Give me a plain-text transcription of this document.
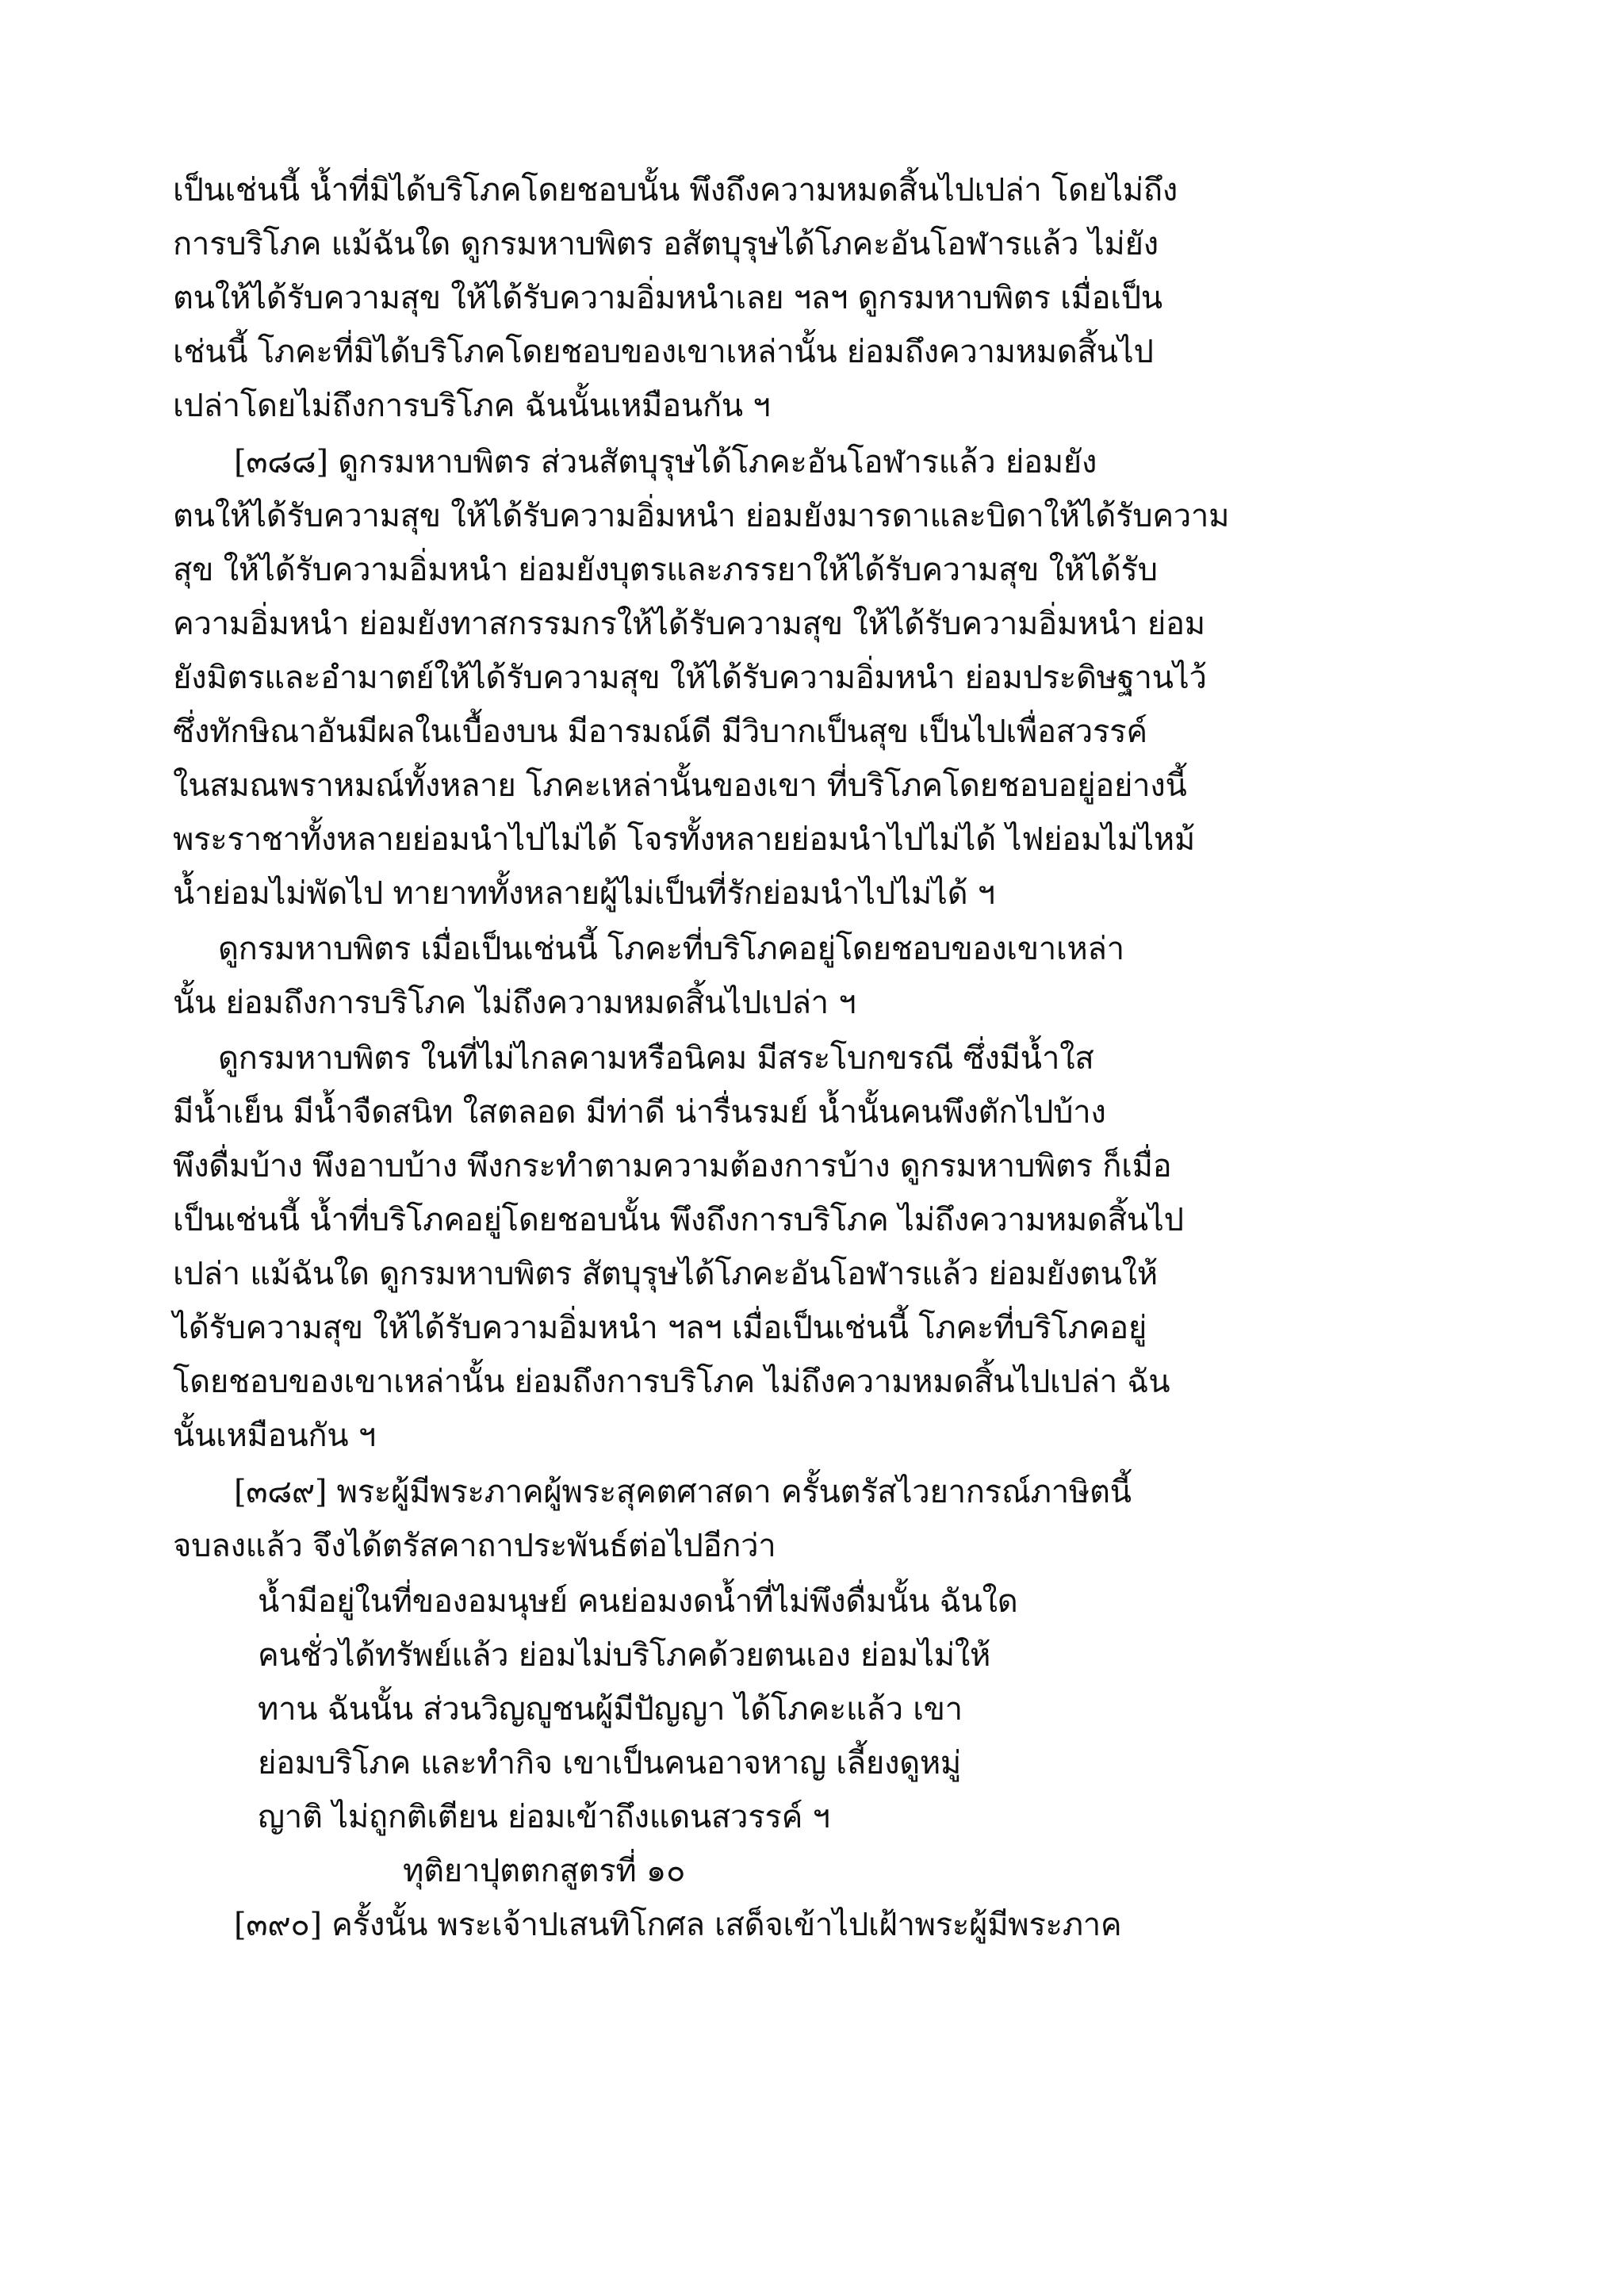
เป็นเช่นนี้ น้ำที่มิได้บริโภคโดยชอบนั้น พึงถึงความหมดสิ้นไปเปล่า โดยไม่ถึง
การบริโภค แม้ฉันใด ดูกรมหาบพิตร อสัตบุรุษได้โภคะอันโอฬารแล้ว ไม่ยัง
ตนให้ได้รับความสุข ให้ได้รับความอิ่มหนำเลย ฯลฯ ดูกรมหาบพิตร เมื่อเป็น
เช่นนี้ โภคะที่มิได้บริโภคโดยชอบของเขาเหล่านั้น ย่อมถึงความหมดสิ้นไป
เปล่าโดยไม่ถึงการบริโภค ฉันนั้นเหมือนกัน ฯ
[๓๘๘] ดูกรมหาบพิตร ส่วนสัตบุรุษได้โภคะอันโอฬารแล้ว ย่อมยัง
ตนให้ได้รับความสุข ให้ได้รับความอิ่มหนำ ย่อมยังมารดาและบิดาให้ได้รับความ
สุข ให้ได้รับความอิ่มหนำ ย่อมยังบุตรและภรรยาให้ได้รับความสุข ให้ได้รับ
ความอิ่มหนำ ย่อมยังทาสกรรมกรให้ได้รับความสุข ให้ได้รับความอิ่มหนำ ย่อม
ยังมิตรและอำมาตย์ให้ได้รับความสุข ให้ได้รับความอิ่มหนำ ย่อมประดิษฐานไว้
ซึ่งทักษิณาอันมีผลในเบื้องบน มีอารมณ์ดี มีวิบากเป็นสุข เป็นไปเพื่อสวรรค์
ในสมณพราหมณ์ทั้งหลาย โภคะเหล่านั้นของเขา ที่บริโภคโดยชอบอยู่อย่างนี้
พระราชาทั้งหลายย่อมนำไปไม่ได้ โจรทั้งหลายย่อมนำไปไม่ได้ ไฟย่อมไม่ไหม้
น้ำย่อมไม่พัดไป ทายาททั้งหลายผู้ไม่เป็นที่รักย่อมนำไปไม่ได้ ฯ
ดูกรมหาบพิตร เมื่อเป็นเช่นนี้ โภคะที่บริโภคอยู่โดยชอบของเขาเหล่า
นั้น ย่อมถึงการบริโภค ไม่ถึงความหมดสิ้นไปเปล่า ฯ
ดูกรมหาบพิตร ในที่ไม่ไกลคามหรือนิคม มีสระโบกขรณี ซึ่งมีน้ำใส
มีน้ำเย็น มีน้ำจืดสนิท ใสตลอด มีท่าดี น่ารื่นรมย์ น้ำนั้นคนพึงตักไปบ้าง
พึงดื่มบ้าง พึงอาบบ้าง พึงกระทำตามความต้องการบ้าง ดูกรมหาบพิตร ก็เมื่อ
เป็นเช่นนี้ น้ำที่บริโภคอยู่โดยชอบนั้น พึงถึงการบริโภค ไม่ถึงความหมดสิ้นไป
เปล่า แม้ฉันใด ดูกรมหาบพิตร สัตบุรุษได้โภคะอันโอฬารแล้ว ย่อมยังตนให้
ได้รับความสุข ให้ได้รับความอิ่มหนำ ฯลฯ เมื่อเป็นเช่นนี้ โภคะที่บริโภคอยู่
โดยชอบของเขาเหล่านั้น ย่อมถึงการบริโภค ไม่ถึงความหมดสิ้นไปเปล่า ฉัน
นั้นเหมือนกัน ฯ
[๓๘๙] พระผู้มีพระภาคผู้พระสุคตศาสดา ครั้นตรัสไวยากรณ์ภาษิตนี้
จบลงแล้ว จึงได้ตรัสคาถาประพันธ์ต่อไปอีกว่า
น้ำมีอยู่ในที่ของอมนุษย์ คนย่อมงดน้ำที่ไม่พึงดื่มนั้น ฉันใด
คนชั่วได้ทรัพย์แล้ว ย่อมไม่บริโภคด้วยตนเอง ย่อมไม่ให้
ทาน ฉันนั้น ส่วนวิญญูชนผู้มีปัญญา ได้โภคะแล้ว เขา
ย่อมบริโภค และทำกิจ เขาเป็นคนอาจหาญ เลี้ยงดูหมู่
ญาติ ไม่ถูกติเตียน ย่อมเข้าถึงแดนสวรรค์ ฯ
ทุติยาปุตตกสูตรที่ ๑๐
[๓๙๐] ครั้งนั้น พระเจ้าปเสนทิโกศล เสด็จเข้าไปเฝ้าพระผู้มีพระภาค
